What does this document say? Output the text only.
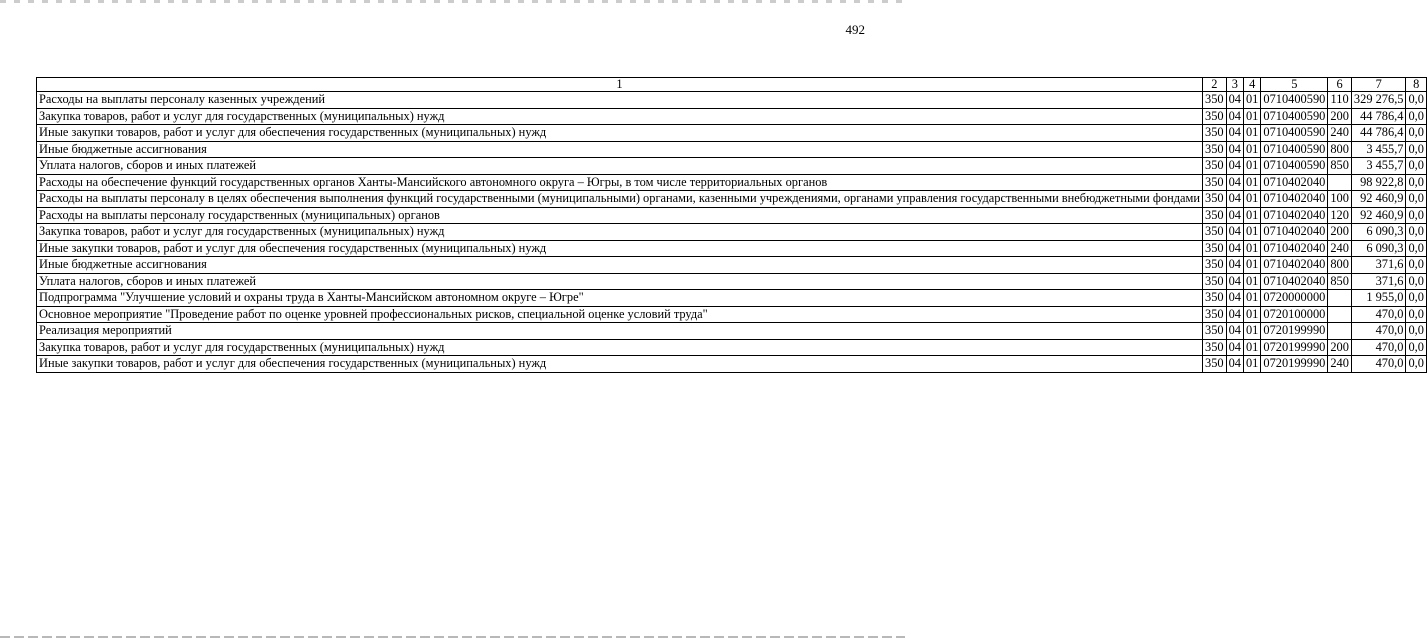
492
1	2	3	4	5	6	7	8
Расходы на выплаты персоналу казенных учреждений	350	04	01	0710400590	110	329 276,5	0,0
Закупка товаров, работ и услуг для государственных (муниципальных) нужд	350	04	01	0710400590	200	44 786,4	0,0
Иные закупки товаров, работ и услуг для обеспечения государственных (муниципальных) нужд	350	04	01	0710400590	240	44 786,4	0,0
Иные бюджетные ассигнования	350	04	01	0710400590	800	3 455,7	0,0
Уплата налогов, сборов и иных платежей	350	04	01	0710400590	850	3 455,7	0,0
Расходы на обеспечение функций государственных органов Ханты-Мансийского автономного округа – Югры, в том числе территориальных органов	350	04	01	0710402040		98 922,8	0,0
Расходы на выплаты персоналу в целях обеспечения выполнения функций государственными (муниципальными) органами, казенными учреждениями, органами управления государственными внебюджетными фондами	350	04	01	0710402040	100	92 460,9	0,0
Расходы на выплаты персоналу государственных (муниципальных) органов	350	04	01	0710402040	120	92 460,9	0,0
Закупка товаров, работ и услуг для государственных (муниципальных) нужд	350	04	01	0710402040	200	6 090,3	0,0
Иные закупки товаров, работ и услуг для обеспечения государственных (муниципальных) нужд	350	04	01	0710402040	240	6 090,3	0,0
Иные бюджетные ассигнования	350	04	01	0710402040	800	371,6	0,0
Уплата налогов, сборов и иных платежей	350	04	01	0710402040	850	371,6	0,0
Подпрограмма "Улучшение условий и охраны труда в Ханты-Мансийском автономном округе – Югре"	350	04	01	0720000000		1 955,0	0,0
Основное мероприятие "Проведение работ по оценке уровней профессиональных рисков, специальной оценке условий труда"	350	04	01	0720100000		470,0	0,0
Реализация мероприятий	350	04	01	0720199990		470,0	0,0
Закупка товаров, работ и услуг для государственных (муниципальных) нужд	350	04	01	0720199990	200	470,0	0,0
Иные закупки товаров, работ и услуг для обеспечения государственных (муниципальных) нужд	350	04	01	0720199990	240	470,0	0,0
